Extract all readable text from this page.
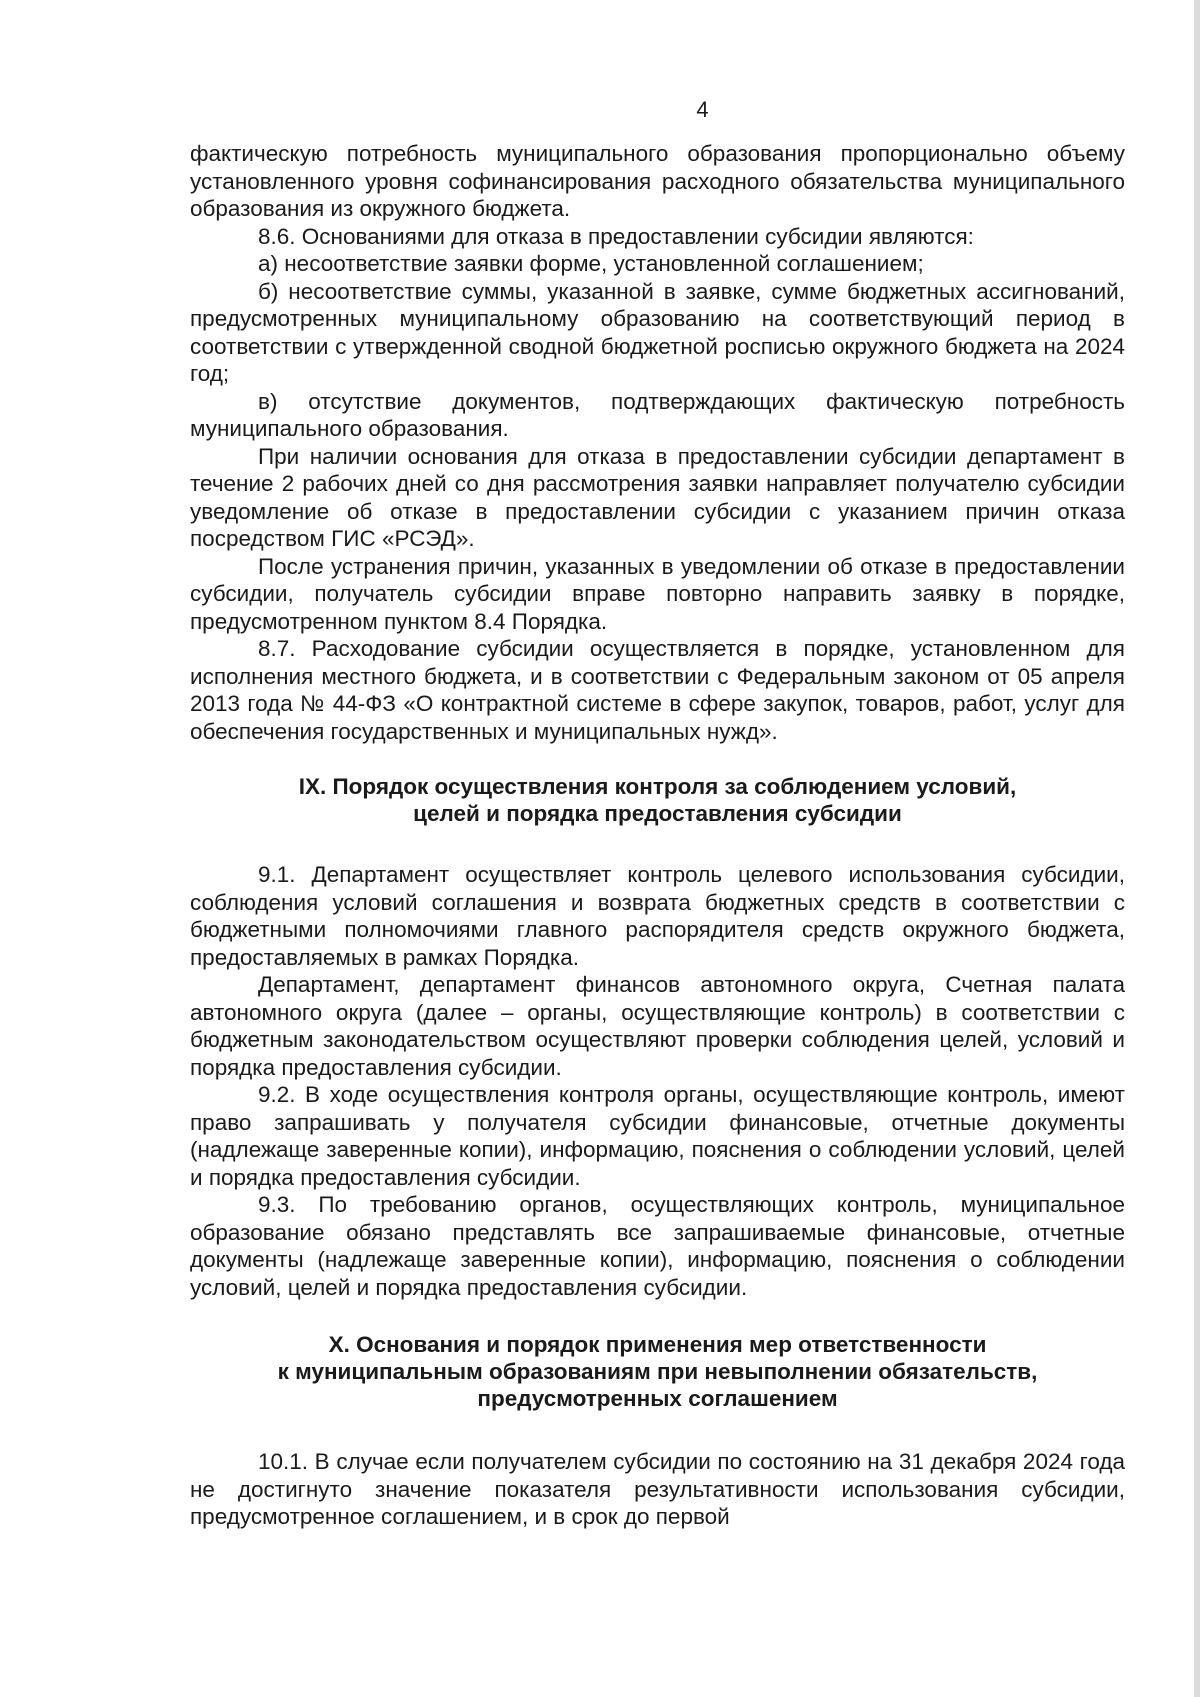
4

фактическую потребность муниципального образования пропорционально объему установленного уровня софинансирования расходного обязательства муниципального образования из окружного бюджета.

8.6. Основаниями для отказа в предоставлении субсидии являются:

а) несоответствие заявки форме, установленной соглашением;

б) несоответствие суммы, указанной в заявке, сумме бюджетных ассигнований, предусмотренных муниципальному образованию на соответствующий период в соответствии с утвержденной сводной бюджетной росписью окружного бюджета на 2024 год;

в) отсутствие документов, подтверждающих фактическую потребность муниципального образования.

При наличии основания для отказа в предоставлении субсидии департамент в течение 2 рабочих дней со дня рассмотрения заявки направляет получателю субсидии уведомление об отказе в предоставлении субсидии с указанием причин отказа посредством ГИС «РСЭД».

После устранения причин, указанных в уведомлении об отказе в предоставлении субсидии, получатель субсидии вправе повторно направить заявку в порядке, предусмотренном пунктом 8.4 Порядка.

8.7. Расходование субсидии осуществляется в порядке, установленном для исполнения местного бюджета, и в соответствии с Федеральным законом от 05 апреля 2013 года № 44-ФЗ «О контрактной системе в сфере закупок, товаров, работ, услуг для обеспечения государственных и муниципальных нужд».

IX. Порядок осуществления контроля за соблюдением условий,
целей и порядка предоставления субсидии

9.1. Департамент осуществляет контроль целевого использования субсидии, соблюдения условий соглашения и возврата бюджетных средств в соответствии с бюджетными полномочиями главного распорядителя средств окружного бюджета, предоставляемых в рамках Порядка.

Департамент, департамент финансов автономного округа, Счетная палата автономного округа (далее – органы, осуществляющие контроль) в соответствии с бюджетным законодательством осуществляют проверки соблюдения целей, условий и порядка предоставления субсидии.

9.2. В ходе осуществления контроля органы, осуществляющие контроль, имеют право запрашивать у получателя субсидии финансовые, отчетные документы (надлежаще заверенные копии), информацию, пояснения о соблюдении условий, целей и порядка предоставления субсидии.

9.3. По требованию органов, осуществляющих контроль, муниципальное образование обязано представлять все запрашиваемые финансовые, отчетные документы (надлежаще заверенные копии), информацию, пояснения о соблюдении условий, целей и порядка предоставления субсидии.

X. Основания и порядок применения мер ответственности
к муниципальным образованиям при невыполнении обязательств,
предусмотренных соглашением

10.1. В случае если получателем субсидии по состоянию на 31 декабря 2024 года не достигнуто значение показателя результативности использования субсидии, предусмотренное соглашением, и в срок до первой
